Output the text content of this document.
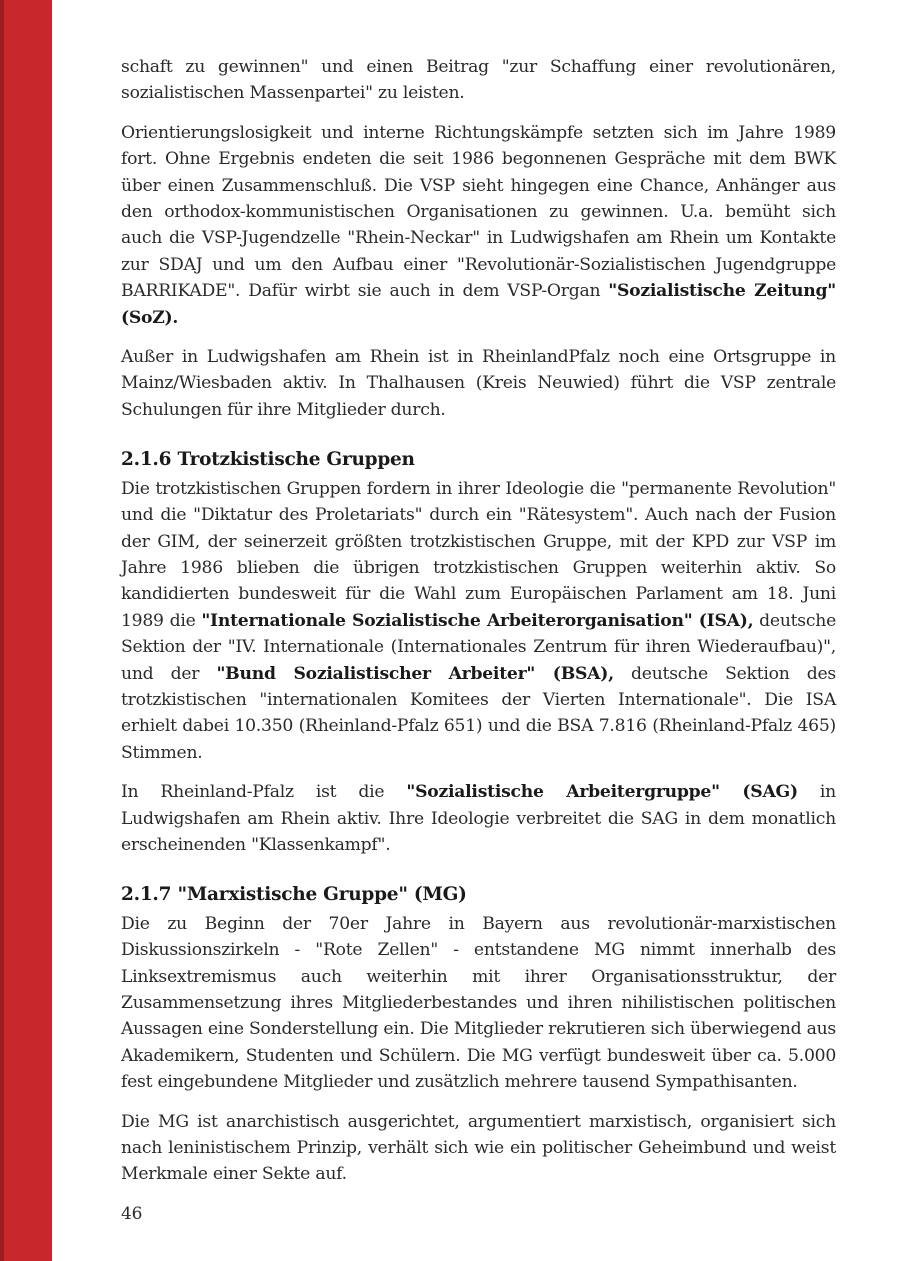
schaft zu gewinnen" und einen Beitrag "zur Schaffung einer revolutionären, sozialistischen Massenpartei" zu leisten.

Orientierungslosigkeit und interne Richtungskämpfe setzten sich im Jahre 1989 fort. Ohne Ergebnis endeten die seit 1986 begonnenen Gespräche mit dem BWK über einen Zusammenschluß. Die VSP sieht hingegen eine Chance, Anhänger aus den orthodox-kommunistischen Organisationen zu gewinnen. U.a. bemüht sich auch die VSP-Jugendzelle "Rhein-Neckar" in Ludwigshafen am Rhein um Kontakte zur SDAJ und um den Aufbau einer "Revolutionär-Sozialistischen Jugendgruppe BARRIKADE". Dafür wirbt sie auch in dem VSP-Organ "Sozialistische Zeitung" (SoZ).

Außer in Ludwigshafen am Rhein ist in RheinlandPfalz noch eine Ortsgruppe in Mainz/Wiesbaden aktiv. In Thalhausen (Kreis Neuwied) führt die VSP zentrale Schulungen für ihre Mitglieder durch.

2.1.6 Trotzkistische Gruppen

Die trotzkistischen Gruppen fordern in ihrer Ideologie die "permanente Revolution" und die "Diktatur des Proletariats" durch ein "Rätesystem". Auch nach der Fusion der GIM, der seinerzeit größten trotzkistischen Gruppe, mit der KPD zur VSP im Jahre 1986 blieben die übrigen trotzkistischen Gruppen weiterhin aktiv. So kandidierten bundesweit für die Wahl zum Europäischen Parlament am 18. Juni 1989 die "Internationale Sozialistische Arbeiterorganisation" (ISA), deutsche Sektion der "IV. Internationale (Internationales Zentrum für ihren Wiederaufbau)", und der "Bund Sozialistischer Arbeiter" (BSA), deutsche Sektion des trotzkistischen "internationalen Komitees der Vierten Internationale". Die ISA erhielt dabei 10.350 (Rheinland-Pfalz 651) und die BSA 7.816 (Rheinland-Pfalz 465) Stimmen.

In Rheinland-Pfalz ist die "Sozialistische Arbeitergruppe" (SAG) in Ludwigshafen am Rhein aktiv. Ihre Ideologie verbreitet die SAG in dem monatlich erscheinenden "Klassenkampf".

2.1.7 "Marxistische Gruppe" (MG)

Die zu Beginn der 70er Jahre in Bayern aus revolutionär-marxistischen Diskussionszirkeln - "Rote Zellen" - entstandene MG nimmt innerhalb des Linksextremismus auch weiterhin mit ihrer Organisationsstruktur, der Zusammensetzung ihres Mitgliederbestandes und ihren nihilistischen politischen Aussagen eine Sonderstellung ein. Die Mitglieder rekrutieren sich überwiegend aus Akademikern, Studenten und Schülern. Die MG verfügt bundesweit über ca. 5.000 fest eingebundene Mitglieder und zusätzlich mehrere tausend Sympathisanten.

Die MG ist anarchistisch ausgerichtet, argumentiert marxistisch, organisiert sich nach leninistischem Prinzip, verhält sich wie ein politischer Geheimbund und weist Merkmale einer Sekte auf.

46
